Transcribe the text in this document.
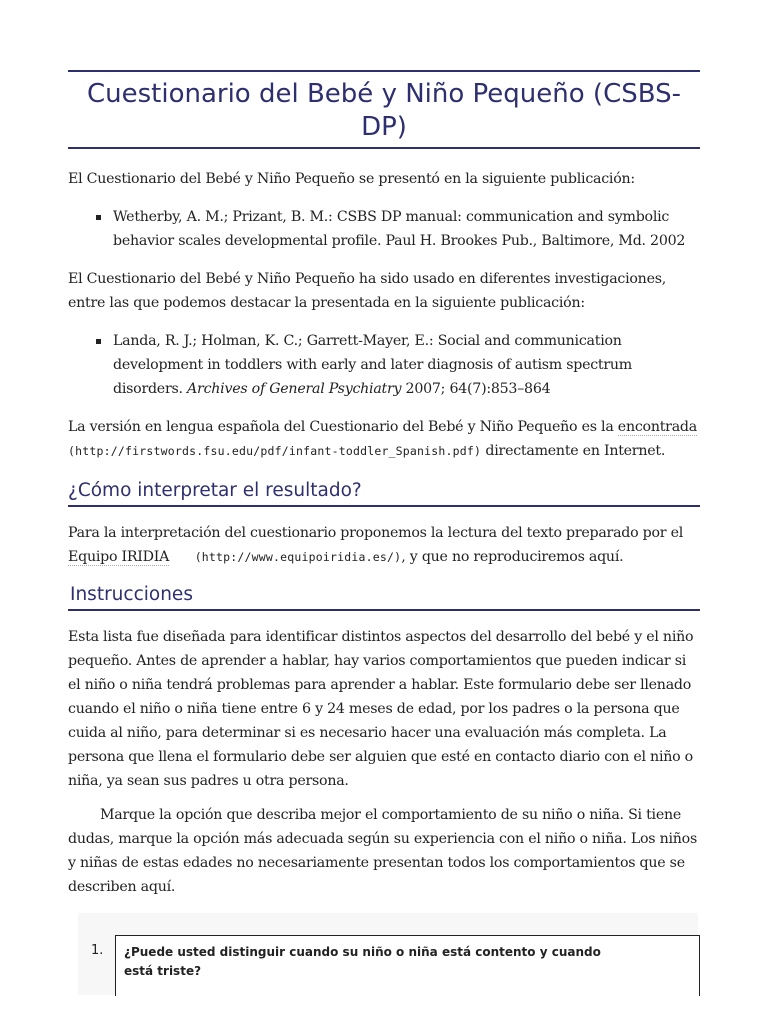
Cuestionario del Bebé y Niño Pequeño (CSBS-DP)

El Cuestionario del Bebé y Niño Pequeño se presentó en la siguiente publicación:

Wetherby, A. M.; Prizant, B. M.: CSBS DP manual: communication and symbolic behavior scales developmental profile. Paul H. Brookes Pub., Baltimore, Md. 2002

El Cuestionario del Bebé y Niño Pequeño ha sido usado en diferentes investigaciones, entre las que podemos destacar la presentada en la siguiente publicación:

Landa, R. J.; Holman, K. C.; Garrett-Mayer, E.: Social and communication development in toddlers with early and later diagnosis of autism spectrum disorders. Archives of General Psychiatry 2007; 64(7):853–864

La versión en lengua española del Cuestionario del Bebé y Niño Pequeño es la encontrada
(http://firstwords.fsu.edu/pdf/infant-toddler_Spanish.pdf) directamente en Internet.

¿Cómo interpretar el resultado?

Para la interpretación del cuestionario proponemos la lectura del texto preparado por el Equipo IRIDIA (http://www.equipoiridia.es/), y que no reproduciremos aquí.

Instrucciones

Esta lista fue diseñada para identificar distintos aspectos del desarrollo del bebé y el niño pequeño. Antes de aprender a hablar, hay varios comportamientos que pueden indicar si el niño o niña tendrá problemas para aprender a hablar. Este formulario debe ser llenado cuando el niño o niña tiene entre 6 y 24 meses de edad, por los padres o la persona que cuida al niño, para determinar si es necesario hacer una evaluación más completa. La persona que llena el formulario debe ser alguien que esté en contacto diario con el niño o niña, ya sean sus padres u otra persona.

Marque la opción que describa mejor el comportamiento de su niño o niña. Si tiene dudas, marque la opción más adecuada según su experiencia con el niño o niña. Los niños y niñas de estas edades no necesariamente presentan todos los comportamientos que se describen aquí.

1. ¿Puede usted distinguir cuando su niño o niña está contento y cuando está triste?
